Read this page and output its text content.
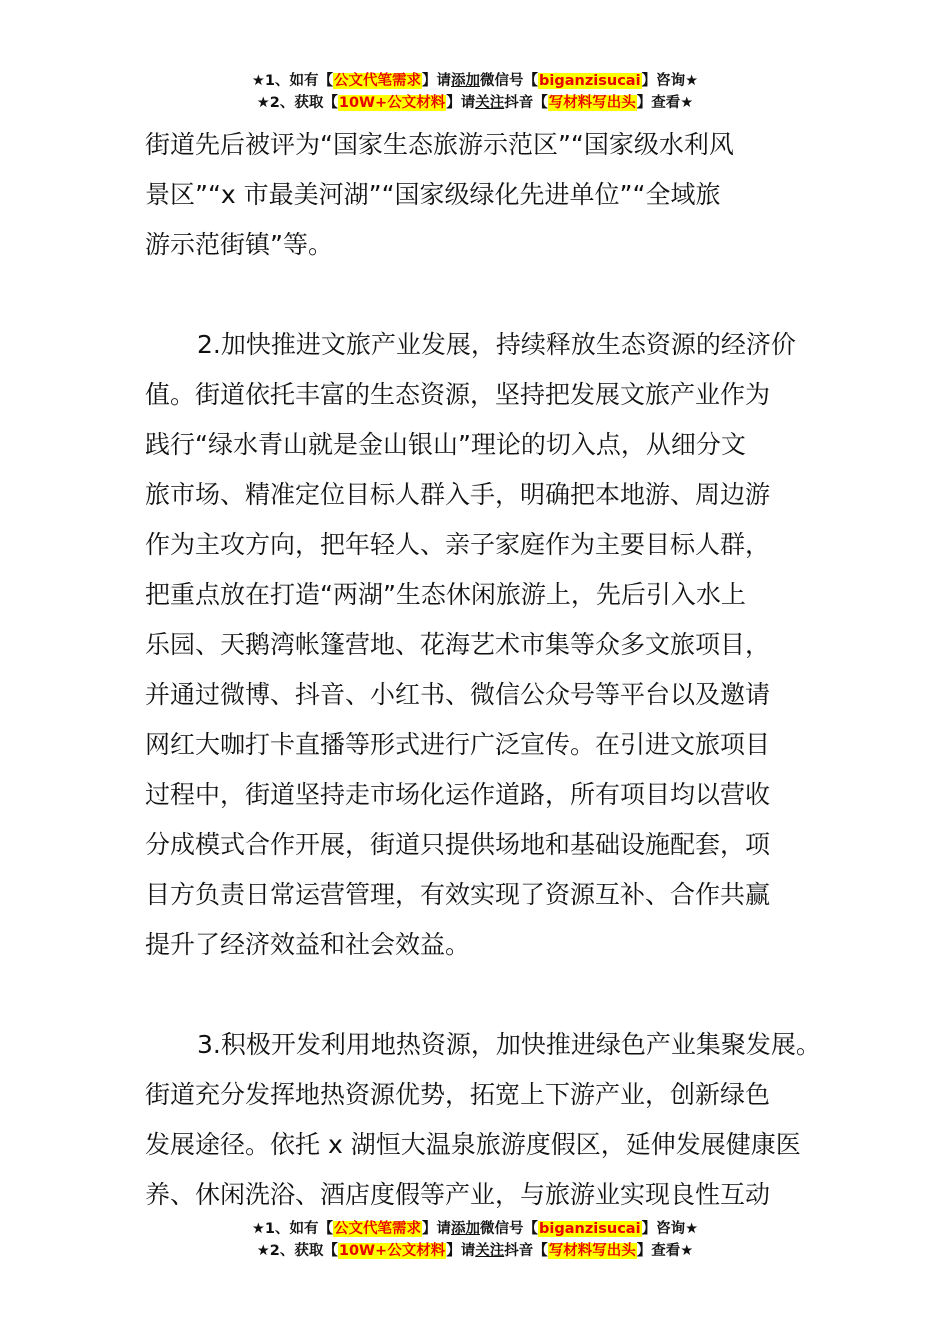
★1、如有【公文代笔需求】请添加微信号【biganzisucai】咨询★
★2、获取【10W+公文材料】请关注抖音【写材料写出头】查看★
街道先后被评为“国家生态旅游示范区”“国家级水利风
景区”“x 市最美河湖”“国家级绿化先进单位”“全域旅
游示范街镇”等。
2.加快推进文旅产业发展，持续释放生态资源的经济价
值。街道依托丰富的生态资源，坚持把发展文旅产业作为
践行“绿水青山就是金山银山”理论的切入点，从细分文
旅市场、精准定位目标人群入手，明确把本地游、周边游
作为主攻方向，把年轻人、亲子家庭作为主要目标人群，
把重点放在打造“两湖”生态休闲旅游上，先后引入水上
乐园、天鹅湾帐篷营地、花海艺术市集等众多文旅项目，
并通过微博、抖音、小红书、微信公众号等平台以及邀请
网红大咖打卡直播等形式进行广泛宣传。在引进文旅项目
过程中，街道坚持走市场化运作道路，所有项目均以营收
分成模式合作开展，街道只提供场地和基础设施配套，项
目方负责日常运营管理，有效实现了资源互补、合作共赢
提升了经济效益和社会效益。
3.积极开发利用地热资源，加快推进绿色产业集聚发展。
街道充分发挥地热资源优势，拓宽上下游产业，创新绿色
发展途径。依托 x 湖恒大温泉旅游度假区，延伸发展健康医
养、休闲洗浴、酒店度假等产业，与旅游业实现良性互动
★1、如有【公文代笔需求】请添加微信号【biganzisucai】咨询★
★2、获取【10W+公文材料】请关注抖音【写材料写出头】查看★
